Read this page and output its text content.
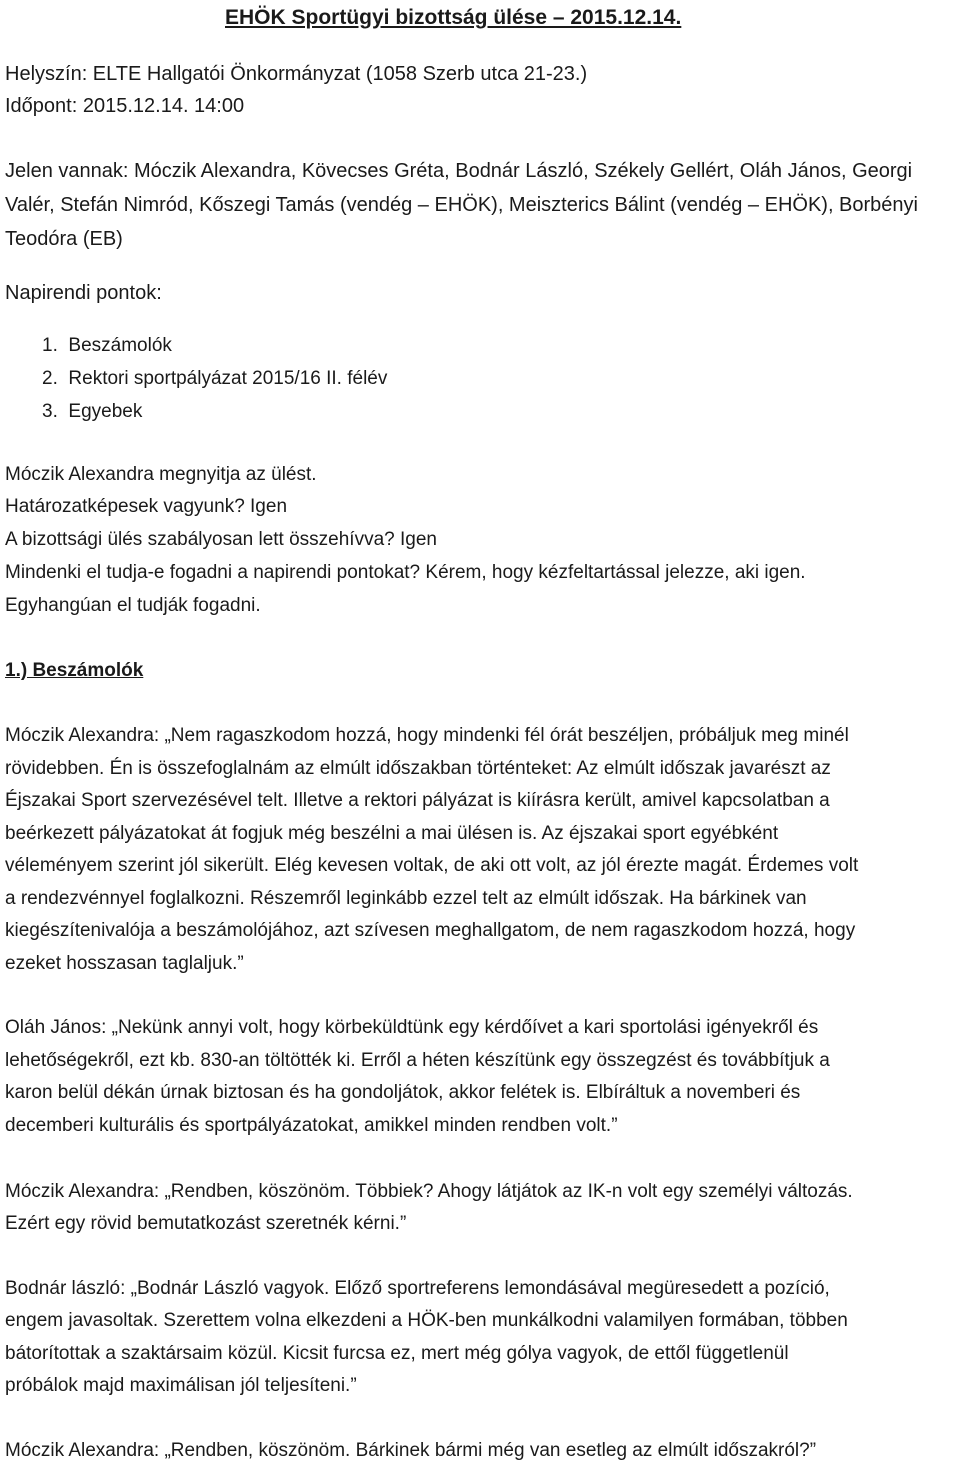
EHÖK Sportügyi bizottság ülése – 2015.12.14.
Helyszín: ELTE Hallgatói Önkormányzat (1058 Szerb utca 21-23.)
Időpont: 2015.12.14. 14:00
Jelen vannak: Móczik Alexandra, Kövecses Gréta, Bodnár László, Székely Gellért, Oláh János, Georgi
Valér, Stefán Nimród, Kőszegi Tamás (vendég – EHÖK), Meiszterics Bálint (vendég – EHÖK), Borbényi
Teodóra (EB)
Napirendi pontok:
1.  Beszámolók
2.  Rektori sportpályázat 2015/16 II. félév
3.  Egyebek
Móczik Alexandra megnyitja az ülést.
Határozatképesek vagyunk? Igen
A bizottsági ülés szabályosan lett összehívva? Igen
Mindenki el tudja-e fogadni a napirendi pontokat? Kérem, hogy kézfeltartással jelezze, aki igen.
Egyhangúan el tudják fogadni.
1.) Beszámolók
Móczik Alexandra: „Nem ragaszkodom hozzá, hogy mindenki fél órát beszéljen, próbáljuk meg minél
rövidebben. Én is összefoglalnám az elmúlt időszakban történteket: Az elmúlt időszak javarészt az
Éjszakai Sport szervezésével telt. Illetve a rektori pályázat is kiírásra került, amivel kapcsolatban a
beérkezett pályázatokat át fogjuk még beszélni a mai ülésen is. Az éjszakai sport egyébként
véleményem szerint jól sikerült. Elég kevesen voltak, de aki ott volt, az jól érezte magát. Érdemes volt
a rendezvénnyel foglalkozni. Részemről leginkább ezzel telt az elmúlt időszak. Ha bárkinek van
kiegészítenivalója a beszámolójához, azt szívesen meghallgatom, de nem ragaszkodom hozzá, hogy
ezeket hosszasan taglaljuk.”
Oláh János: „Nekünk annyi volt, hogy körbeküldtünk egy kérdőívet a kari sportolási igényekről és
lehetőségekről, ezt kb. 830-an töltötték ki. Erről a héten készítünk egy összegzést és továbbítjuk a
karon belül dékán úrnak biztosan és ha gondoljátok, akkor felétek is. Elbíráltuk a novemberi és
decemberi kulturális és sportpályázatokat, amikkel minden rendben volt.”
Móczik Alexandra: „Rendben, köszönöm. Többiek? Ahogy látjátok az IK-n volt egy személyi változás.
Ezért egy rövid bemutatkozást szeretnék kérni.”
Bodnár lászló: „Bodnár László vagyok. Előző sportreferens lemondásával megüresedett a pozíció,
engem javasoltak. Szerettem volna elkezdeni a HÖK-ben munkálkodni valamilyen formában, többen
bátorítottak a szaktársaim közül. Kicsit furcsa ez, mert még gólya vagyok, de ettől függetlenül
próbálok majd maximálisan jól teljesíteni.”
Móczik Alexandra: „Rendben, köszönöm. Bárkinek bármi még van esetleg az elmúlt időszakról?”
